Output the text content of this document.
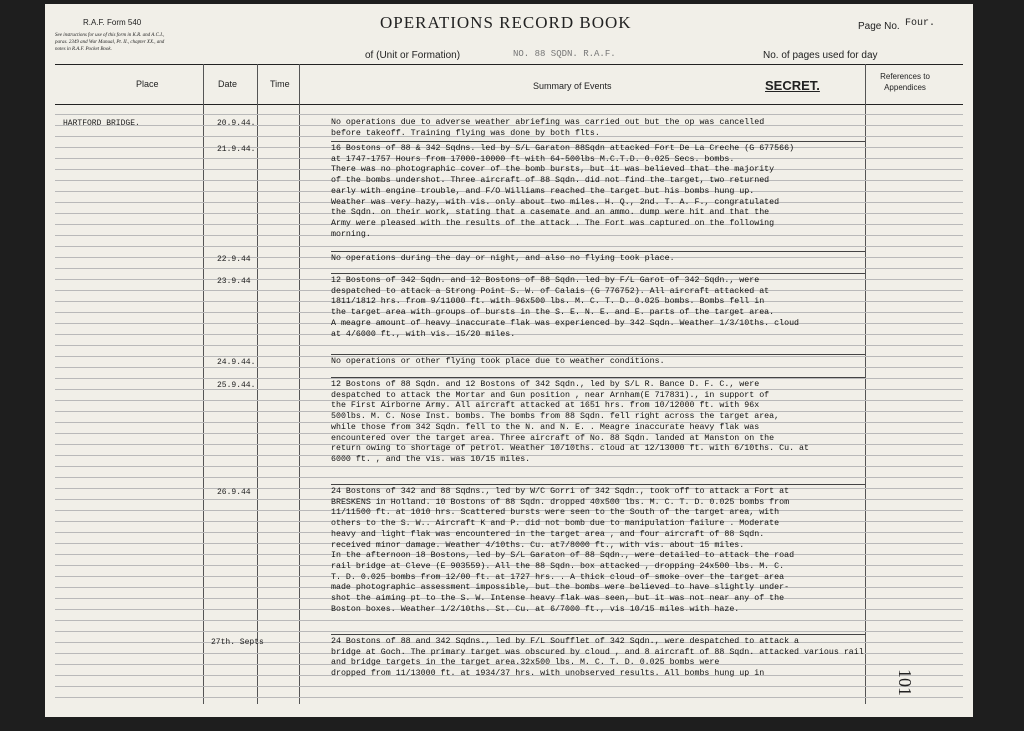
R.A.F. Form 540
See instructions for use of this form in K.R. and A.C.I., paras. 2349 and War Manual, Pt. II., chapter XX., and notes in R.A.F. Pocket Book.
OPERATIONS RECORD BOOK	Page No. Four.
of (Unit or Formation)	NO. 88 SQDN. R.A.F.	No. of pages used for day
Place	Date	Time	Summary of Events	SECRET.
References to Appendices
HARTFORD BRIDGE.	20.9.44.	No operations due to adverse weather abriefing was carried out but the op was cancelled
before takeoff. Training flying was done by both flts.
21.9.44.	16 Bostons of 88 & 342 Sqdns. led by S/L Garaton 88Sqdn attacked Fort De La Creche (G 677566)
at 1747-1757 Hours from 17000-10000 ft with 64-500lbs M.C.T.D. 0.025 Secs. bombs.
There was no photographic cover of the bomb bursts, but it was believed that the majority
of the bombs undershot. Three aircraft of 88 Sqdn. did not find the target, two returned
early with engine trouble, and F/O Williams reached the target but his bombs hung up.
Weather was very hazy, with vis. only about two miles. H. Q., 2nd. T. A. F., congratulated
the Sqdn. on their work, stating that a casemate and an ammo. dump were hit and that the
Army were pleased with the results of the attack . The Fort was captured on the following
morning.
22.9.44	No operations during the day or night, and also no flying took place.
23.9.44	12 Bostons of 342 Sqdn. and 12 Bostons of 88 Sqdn. led by F/L Garot of 342 Sqdn., were
despatched to attack a Strong Point S. W. of Calais (G 776752). All aircraft attacked at
1811/1812 hrs. from 9/11000 ft. with 96x500 lbs. M. C. T. D. 0.025 bombs. Bombs fell in
the target area with groups of bursts in the S. E. N. E. and E. parts of the target area.
A meagre amount of heavy inaccurate flak was experienced by 342 Sqdn. Weather 1/3/10ths. cloud
at 4/6000 ft., with vis. 15/20 miles.
24.9.44.	No operations or other flying took place due to weather conditions.
25.9.44.	12 Bostons of 88 Sqdn. and 12 Bostons of 342 Sqdn., led by S/L R. Bance D. F. C., were
despatched to attack the Mortar and Gun position , near Arnham(E 717831)., in support of
the First Airborne Army. All aircraft attacked at 1651 hrs. from 10/12000 ft. with 96x
500lbs. M. C. Nose Inst. bombs. The bombs from 88 Sqdn. fell right across the target area,
while those from 342 Sqdn. fell to the N. and N. E. . Meagre inaccurate heavy flak was
encountered over the target area. Three aircraft of No. 88 Sqdn. landed at Manston on the
return owing to shortage of petrol. Weather 10/10ths. cloud at 12/13000 ft. with 6/10ths. Cu. at
6000 ft. , and the vis. was 10/15 miles.
26.9.44	24 Bostons of 342 and 88 Sqdns., led by W/C Gorri of 342 Sqdn., took off to attack a Fort at
BRESKENS in Holland. 10 Bostons of 88 Sqdn. dropped 40x500 lbs. M. C. T. D. 0.025 bombs from
11/11500 ft. at 1010 hrs. Scattered bursts were seen to the South of the target area, with
others to the S. W.. Aircraft K and P. did not bomb due to manipulation failure . Moderate
heavy and light flak was encountered in the target area , and four aircraft of 88 Sqdn.
received minor damage. Weather 4/10ths. Cu. at7/8000 ft., with vis. about 15 miles.
In the afternoon 18 Bostons, led by S/L Garaton of 88 Sqdn., were detailed to attack the road
rail bridge at Cleve (E 903559). All the 88 Sqdn. box attacked , dropping 24x500 lbs. M. C.
T. D. 0.025 bombs from 12/00 ft. at 1727 hrs. . A thick cloud of smoke over the target area
made photographic assessment impossible, but the bombs were believed to have slightly under-
shot the aiming pt to the S. W. Intense heavy flak was seen, but it was not near any of the
Boston boxes. Weather 1/2/10ths. St. Cu. at 6/7000 ft., vis 10/15 miles with haze.
27th. Septs	24 Bostons of 88 and 342 Sqdns., led by F/L Soufflet of 342 Sqdn., were despatched to attack a
bridge at Goch. The primary target was obscured by cloud , and 8 aircraft of 88 Sqdn. attacked various rail
and bridge targets in the target area.32x500 lbs. M. C. T. D. 0.025 bombs were
dropped from 11/13000 ft. at 1934/37 hrs. with unobserved results. All bombs hung up in	101
